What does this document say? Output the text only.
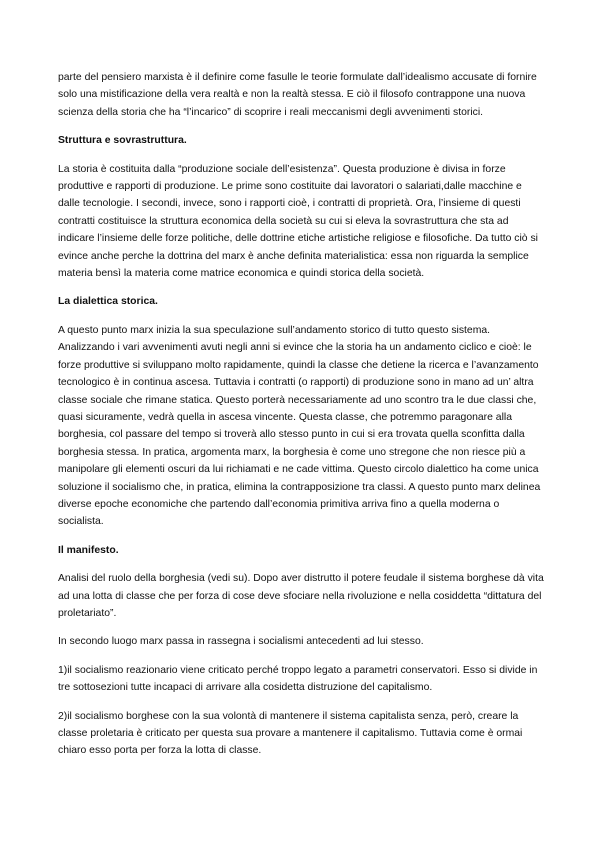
parte del pensiero marxista è il definire come fasulle le teorie formulate dall’idealismo accusate di fornire solo una mistificazione della vera realtà e non la realtà stessa. E ciò il filosofo contrappone una nuova scienza della storia che ha “l’incarico” di scoprire i reali meccanismi degli avvenimenti storici.

Struttura e sovrastruttura.

La storia è costituita dalla “produzione sociale dell’esistenza”. Questa produzione è divisa in forze produttive e rapporti di produzione. Le prime sono costituite dai lavoratori o salariati,dalle macchine e dalle tecnologie. I secondi, invece, sono i rapporti cioè, i contratti di proprietà. Ora, l’insieme di questi contratti costituisce la struttura economica della società su cui si eleva la sovrastruttura che sta ad indicare l’insieme delle forze politiche, delle dottrine etiche artistiche religiose e filosofiche. Da tutto ciò si evince anche perche la dottrina del marx è anche definita materialistica: essa non riguarda la semplice materia bensì la materia come matrice economica e quindi storica della società.

La dialettica storica.

A questo punto marx inizia la sua speculazione sull’andamento storico di tutto questo sistema. Analizzando i vari avvenimenti avuti negli anni si evince che la storia ha un andamento ciclico e cioè: le forze produttive si sviluppano molto rapidamente, quindi la classe che detiene la ricerca e l’avanzamento tecnologico è in continua ascesa. Tuttavia i contratti (o rapporti) di produzione sono in mano ad un’ altra classe sociale che rimane statica. Questo porterà necessariamente ad uno scontro tra le due classi che, quasi sicuramente, vedrà quella in ascesa vincente. Questa classe, che potremmo paragonare alla borghesia, col passare del tempo si troverà allo stesso punto in cui si era trovata quella sconfitta dalla borghesia stessa. In pratica, argomenta marx, la borghesia è come uno stregone che non riesce più a manipolare gli elementi oscuri da lui richiamati e ne cade vittima. Questo circolo dialettico ha come unica soluzione il socialismo che, in pratica, elimina la contrapposizione tra classi. A questo punto marx delinea diverse epoche economiche che partendo dall’economia primitiva arriva fino a quella moderna o socialista.

Il manifesto.

Analisi del ruolo della borghesia (vedi su). Dopo aver distrutto il potere feudale il sistema borghese dà vita ad una lotta di classe che per forza di cose deve sfociare nella rivoluzione e nella cosiddetta “dittatura del proletariato”.

In secondo luogo marx passa in rassegna i socialismi antecedenti ad lui stesso.

1)il socialismo reazionario viene criticato perché troppo legato a parametri conservatori. Esso si divide in tre sottosezioni tutte incapaci di arrivare alla cosidetta distruzione del capitalismo.

2)il socialismo borghese con la sua volontà di mantenere il sistema capitalista senza, però, creare la classe proletaria è criticato per questa sua provare a mantenere il capitalismo. Tuttavia come è ormai chiaro esso porta per forza la lotta di classe.
